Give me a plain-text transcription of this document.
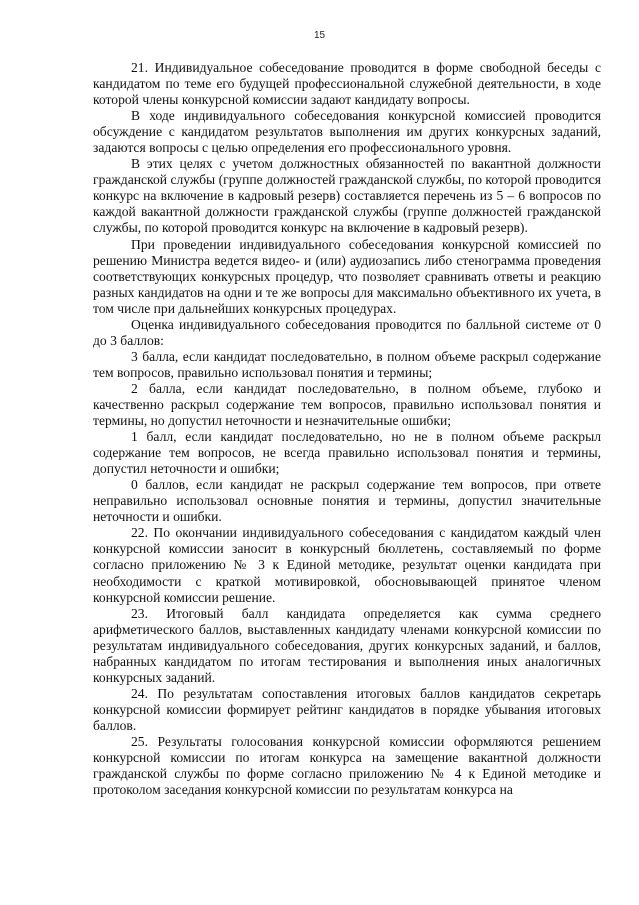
15

21. Индивидуальное собеседование проводится в форме свободной беседы с кандидатом по теме его будущей профессиональной служебной деятельности, в ходе которой члены конкурсной комиссии задают кандидату вопросы.

В ходе индивидуального собеседования конкурсной комиссией проводится обсуждение с кандидатом результатов выполнения им других конкурсных заданий, задаются вопросы с целью определения его профессионального уровня.

В этих целях с учетом должностных обязанностей по вакантной должности гражданской службы (группе должностей гражданской службы, по которой проводится конкурс на включение в кадровый резерв) составляется перечень из 5 – 6 вопросов по каждой вакантной должности гражданской службы (группе должностей гражданской службы, по которой проводится конкурс на включение в кадровый резерв).

При проведении индивидуального собеседования конкурсной комиссией по решению Министра ведется видео- и (или) аудиозапись либо стенограмма проведения соответствующих конкурсных процедур, что позволяет сравнивать ответы и реакцию разных кандидатов на одни и те же вопросы для максимально объективного их учета, в том числе при дальнейших конкурсных процедурах.

Оценка индивидуального собеседования проводится по балльной системе от 0 до 3 баллов:

3 балла, если кандидат последовательно, в полном объеме раскрыл содержание тем вопросов, правильно использовал понятия и термины;

2 балла, если кандидат последовательно, в полном объеме, глубоко и качественно раскрыл содержание тем вопросов, правильно использовал понятия и термины, но допустил неточности и незначительные ошибки;

1 балл, если кандидат последовательно, но не в полном объеме раскрыл содержание тем вопросов, не всегда правильно использовал понятия и термины, допустил неточности и ошибки;

0 баллов, если кандидат не раскрыл содержание тем вопросов, при ответе неправильно использовал основные понятия и термины, допустил значительные неточности и ошибки.

22. По окончании индивидуального собеседования с кандидатом каждый член конкурсной комиссии заносит в конкурсный бюллетень, составляемый по форме согласно приложению № 3 к Единой методике, результат оценки кандидата при необходимости с краткой мотивировкой, обосновывающей принятое членом конкурсной комиссии решение.

23. Итоговый балл кандидата определяется как сумма среднего арифметического баллов, выставленных кандидату членами конкурсной комиссии по результатам индивидуального собеседования, других конкурсных заданий, и баллов, набранных кандидатом по итогам тестирования и выполнения иных аналогичных конкурсных заданий.

24. По результатам сопоставления итоговых баллов кандидатов секретарь конкурсной комиссии формирует рейтинг кандидатов в порядке убывания итоговых баллов.

25. Результаты голосования конкурсной комиссии оформляются решением конкурсной комиссии по итогам конкурса на замещение вакантной должности гражданской службы по форме согласно приложению № 4 к Единой методике и протоколом заседания конкурсной комиссии по результатам конкурса на
